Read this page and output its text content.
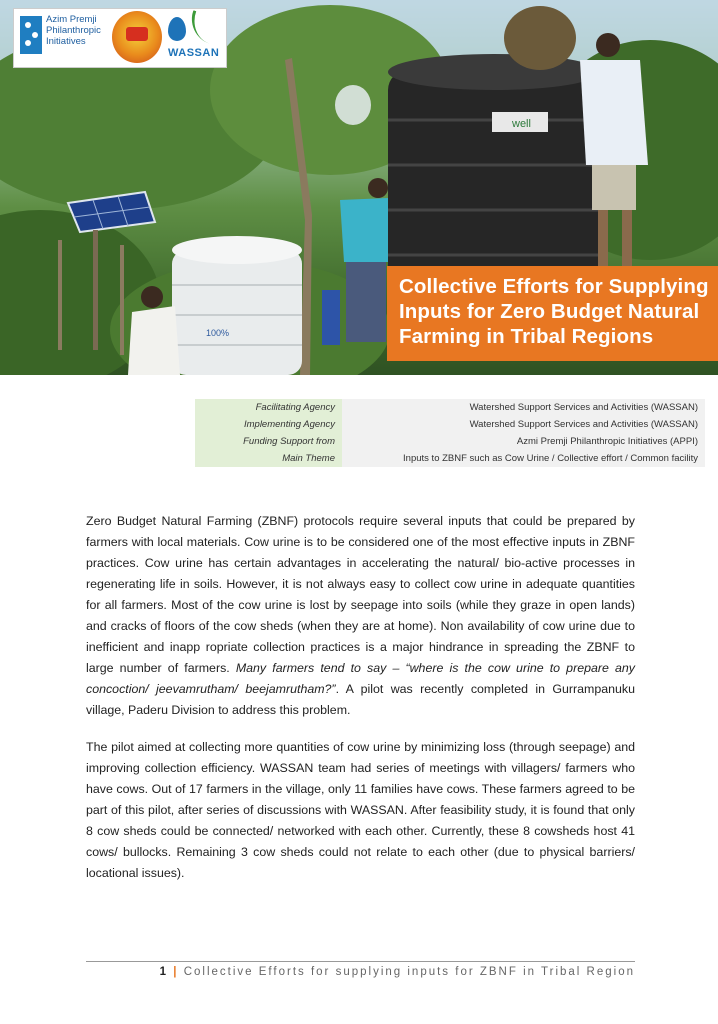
100%
well
Azim Premji Philanthropic Initiatives
WASSAN
Collective Efforts for Supplying Inputs for Zero Budget Natural Farming in Tribal Regions
Facilitating Agency	Watershed Support Services and Activities (WASSAN)
Implementing Agency	Watershed Support Services and Activities (WASSAN)
Funding Support from	Azmi Premji Philanthropic Initiatives (APPI)
Main Theme	Inputs to ZBNF such as Cow Urine / Collective effort / Common facility

Zero Budget Natural Farming (ZBNF) protocols require several inputs that could be prepared by farmers with local materials. Cow urine is to be considered one of the most effective inputs in ZBNF practices. Cow urine has certain advantages in accelerating the natural/ bio-active processes in regenerating life in soils. However, it is not always easy to collect cow urine in adequate quantities for all farmers. Most of the cow urine is lost by seepage into soils (while they graze in open lands) and cracks of floors of the cow sheds (when they are at home). Non availability of cow urine due to inefficient and inapp ropriate collection practices is a major hindrance in spreading the ZBNF to large number of farmers. Many farmers tend to say – “where is the cow urine to prepare any concoction/ jeevamrutham/ beejamrutham?”. A pilot was recently completed in Gurrampanuku village, Paderu Division to address this problem.

The pilot aimed at collecting more quantities of cow urine by minimizing loss (through seepage) and improving collection efficiency. WASSAN team had series of meetings with villagers/ farmers who have cows. Out of 17 farmers in the village, only 11 families have cows. These farmers agreed to be part of this pilot, after series of discussions with WASSAN. After feasibility study, it is found that only 8 cow sheds could be connected/ networked with each other. Currently, these 8 cowsheds host 41 cows/ bullocks. Remaining 3 cow sheds could not relate to each other (due to physical barriers/ locational issues).

1 | Collective Efforts for supplying inputs for ZBNF in Tribal Region
